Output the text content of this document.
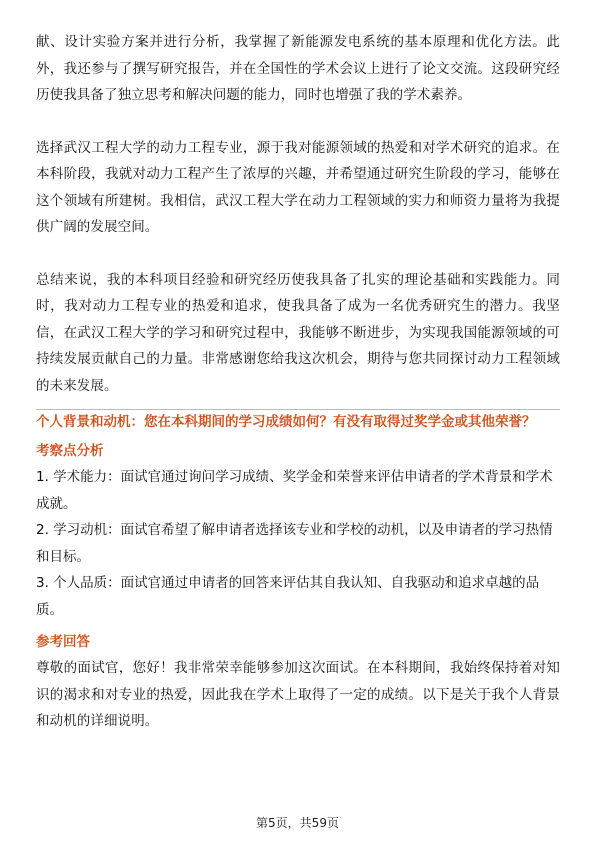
献、设计实验方案并进行分析，我掌握了新能源发电系统的基本原理和优化方法。此外，我还参与了撰写研究报告，并在全国性的学术会议上进行了论文交流。这段研究经历使我具备了独立思考和解决问题的能力，同时也增强了我的学术素养。

选择武汉工程大学的动力工程专业，源于我对能源领域的热爱和对学术研究的追求。在本科阶段，我就对动力工程产生了浓厚的兴趣，并希望通过研究生阶段的学习，能够在这个领域有所建树。我相信，武汉工程大学在动力工程领域的实力和师资力量将为我提供广阔的发展空间。

总结来说，我的本科项目经验和研究经历使我具备了扎实的理论基础和实践能力。同时，我对动力工程专业的热爱和追求，使我具备了成为一名优秀研究生的潜力。我坚信，在武汉工程大学的学习和研究过程中，我能够不断进步，为实现我国能源领域的可持续发展贡献自己的力量。非常感谢您给我这次机会，期待与您共同探讨动力工程领域的未来发展。

个人背景和动机：您在本科期间的学习成绩如何？有没有取得过奖学金或其他荣誉？

考察点分析

1. 学术能力：面试官通过询问学习成绩、奖学金和荣誉来评估申请者的学术背景和学术成就。

2. 学习动机：面试官希望了解申请者选择该专业和学校的动机，以及申请者的学习热情和目标。

3. 个人品质：面试官通过申请者的回答来评估其自我认知、自我驱动和追求卓越的品质。

参考回答

尊敬的面试官，您好！我非常荣幸能够参加这次面试。在本科期间，我始终保持着对知识的渴求和对专业的热爱，因此我在学术上取得了一定的成绩。以下是关于我个人背景和动机的详细说明。

第5页，共59页
